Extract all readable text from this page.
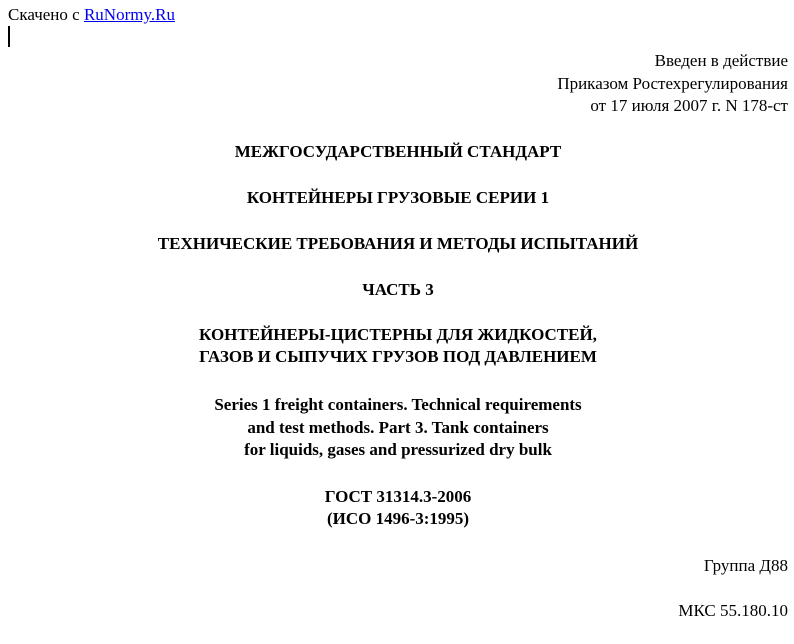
Скачено с RuNormy.Ru
Введен в действие
Приказом Ростехрегулирования
от 17 июля 2007 г. N 178-ст
МЕЖГОСУДАРСТВЕННЫЙ СТАНДАРТ
КОНТЕЙНЕРЫ ГРУЗОВЫЕ СЕРИИ 1
ТЕХНИЧЕСКИЕ ТРЕБОВАНИЯ И МЕТОДЫ ИСПЫТАНИЙ
ЧАСТЬ 3
КОНТЕЙНЕРЫ-ЦИСТЕРНЫ ДЛЯ ЖИДКОСТЕЙ,
ГАЗОВ И СЫПУЧИХ ГРУЗОВ ПОД ДАВЛЕНИЕМ
Series 1 freight containers. Technical requirements
and test methods. Part 3. Tank containers
for liquids, gases and pressurized dry bulk
ГОСТ 31314.3-2006
(ИСО 1496-3:1995)
Группа Д88
МКС 55.180.10
